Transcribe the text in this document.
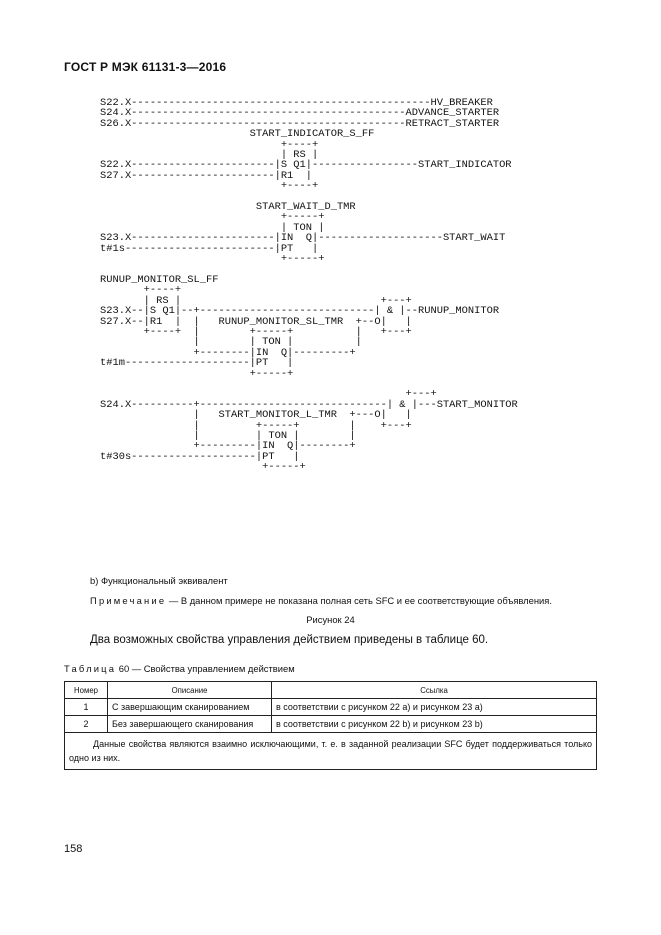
ГОСТ Р МЭК 61131-3—2016
S22.X------------------------------------------------HV_BREAKER
S24.X--------------------------------------------ADVANCE_STARTER
S26.X--------------------------------------------RETRACT_STARTER
START_INDICATOR_S_FF
+----+
| RS |
S22.X-----------------------|S Q1|-----------------START_INDICATOR
S27.X-----------------------|R1  |
+----+

START_WAIT_D_TMR
+-----+
| TON |
S23.X-----------------------|IN  Q|--------------------START_WAIT
t#1s------------------------|PT   |
+-----+

RUNUP_MONITOR_SL_FF
+----+
| RS |                                +---+
S23.X--|S Q1|--+----------------------------| & |--RUNUP_MONITOR
S27.X--|R1  |  |   RUNUP_MONITOR_SL_TMR  +--O|   |
+----+  |        +-----+          |   +---+
|        | TON |          |
+--------|IN  Q|---------+
t#1m--------------------|PT   |
+-----+

+---+
S24.X----------+------------------------------| & |---START_MONITOR
|   START_MONITOR_L_TMR  +---O|   |
|         +-----+        |    +---+
|         | TON |        |
+---------|IN  Q|--------+
t#30s--------------------|PT   |
+-----+

b) Функциональный эквивалент
Примечание — В данном примере не показана полная сеть SFC и ее соответствующие объявления.
Рисунок 24
Два возможных свойства управления действием приведены в таблице 60.
Таблица 60 — Свойства управлением действием
Номер	Описание	Ссылка
1	С завершающим сканированием	в соответствии с рисунком 22 а) и рисунком 23 а)
2	Без завершающего сканирования	в соответствии с рисунком 22 b) и рисунком 23 b)
Данные свойства являются взаимно исключающими, т. е. в заданной реализации SFC будет поддерживаться только одно из них.		
158
